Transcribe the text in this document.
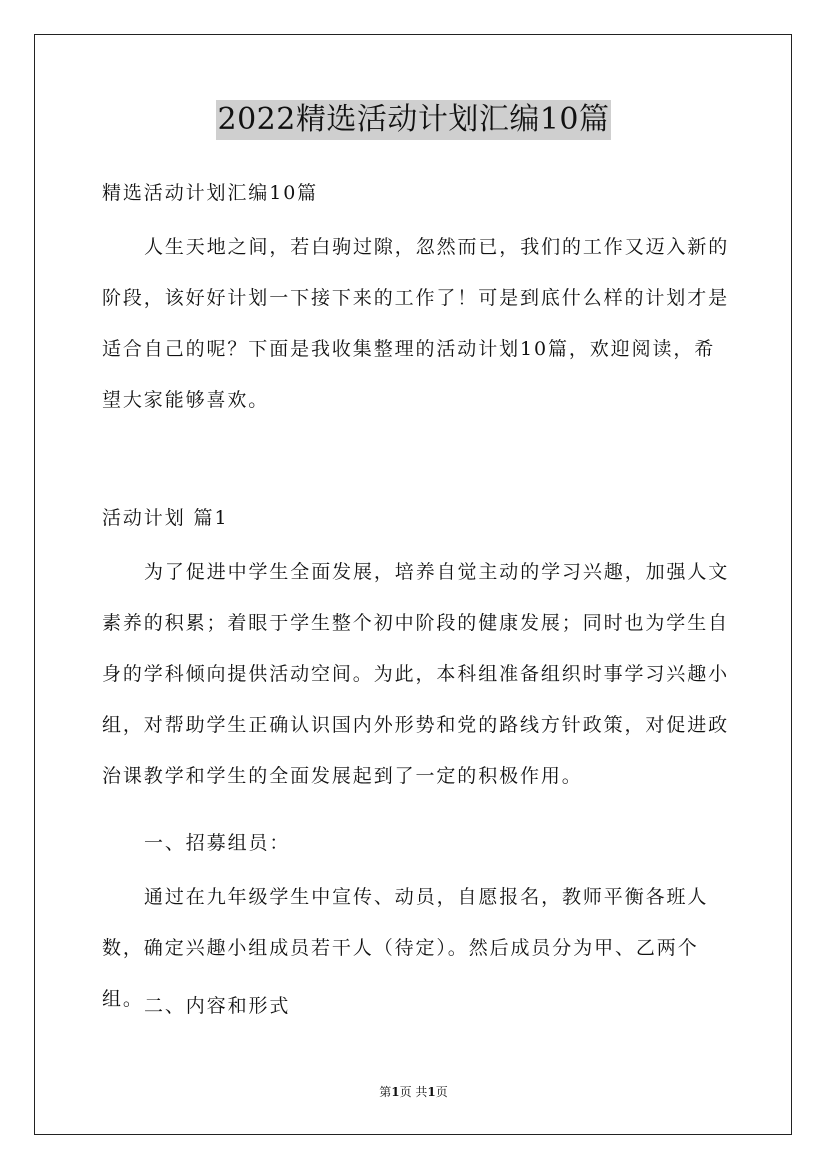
2022精选活动计划汇编10篇

精选活动计划汇编10篇

人生天地之间，若白驹过隙，忽然而已，我们的工作又迈入新的阶段，该好好计划一下接下来的工作了！可是到底什么样的计划才是适合自己的呢？下面是我收集整理的活动计划10篇，欢迎阅读，希望大家能够喜欢。

活动计划 篇1

为了促进中学生全面发展，培养自觉主动的学习兴趣，加强人文素养的积累；着眼于学生整个初中阶段的健康发展；同时也为学生自身的学科倾向提供活动空间。为此，本科组准备组织时事学习兴趣小组，对帮助学生正确认识国内外形势和党的路线方针政策，对促进政治课教学和学生的全面发展起到了一定的积极作用。

一、招募组员：

通过在九年级学生中宣传、动员，自愿报名，教师平衡各班人数，确定兴趣小组成员若干人（待定）。然后成员分为甲、乙两个组。 二、内容和形式

第1页 共1页
